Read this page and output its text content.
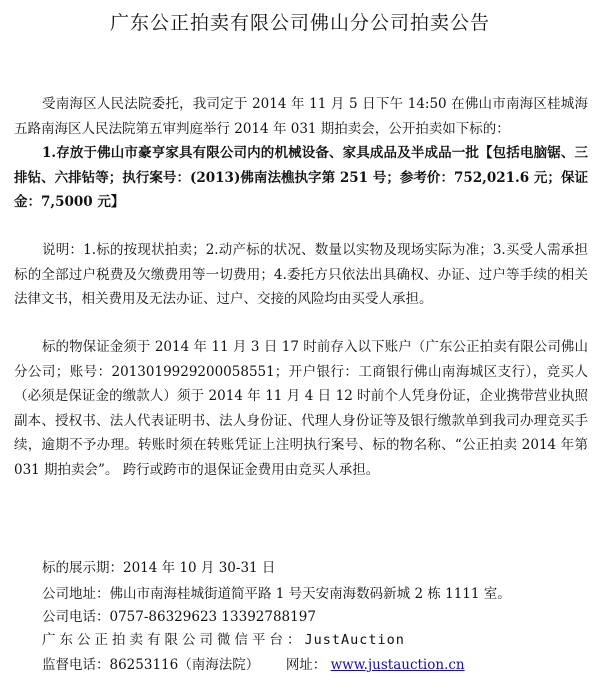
广东公正拍卖有限公司佛山分公司拍卖公告
受南海区人民法院委托，我司定于 2014 年 11 月 5 日下午 14:50 在佛山市南海区桂城海五路南海区人民法院第五审判庭举行 2014 年 031 期拍卖会，公开拍卖如下标的：
1.存放于佛山市豪亨家具有限公司内的机械设备、家具成品及半成品一批【包括电脑锯、三排钻、六排钻等；执行案号：(2013)佛南法樵执字第 251 号；参考价：752,021.6 元；保证金：7,5000 元】
说明：1.标的按现状拍卖；2.动产标的状况、数量以实物及现场实际为准；3.买受人需承担标的全部过户税费及欠缴费用等一切费用；4.委托方只依法出具确权、办证、过户等手续的相关法律文书，相关费用及无法办证、过户、交接的风险均由买受人承担。
标的物保证金须于 2014 年 11 月 3 日 17 时前存入以下账户（广东公正拍卖有限公司佛山分公司；账号：2013019929200058551；开户银行：工商银行佛山南海城区支行），竞买人（必须是保证金的缴款人）须于 2014 年 11 月 4 日 12 时前个人凭身份证，企业携带营业执照副本、授权书、法人代表证明书、法人身份证、代理人身份证等及银行缴款单到我司办理竞买手续，逾期不予办理。转账时须在转账凭证上注明执行案号、标的物名称、“公正拍卖 2014 年第 031 期拍卖会”。 跨行或跨市的退保证金费用由竞买人承担。
标的展示期：2014 年 10 月 30-31 日
公司地址：佛山市南海桂城街道简平路 1 号天安南海数码新城 2 栋 1111 室。
公司电话：0757-86329623 13392788197
广东公正拍卖有限公司微信平台：JustAuction
监督电话：86253116（南海法院） 网址： www.justauction.cn
